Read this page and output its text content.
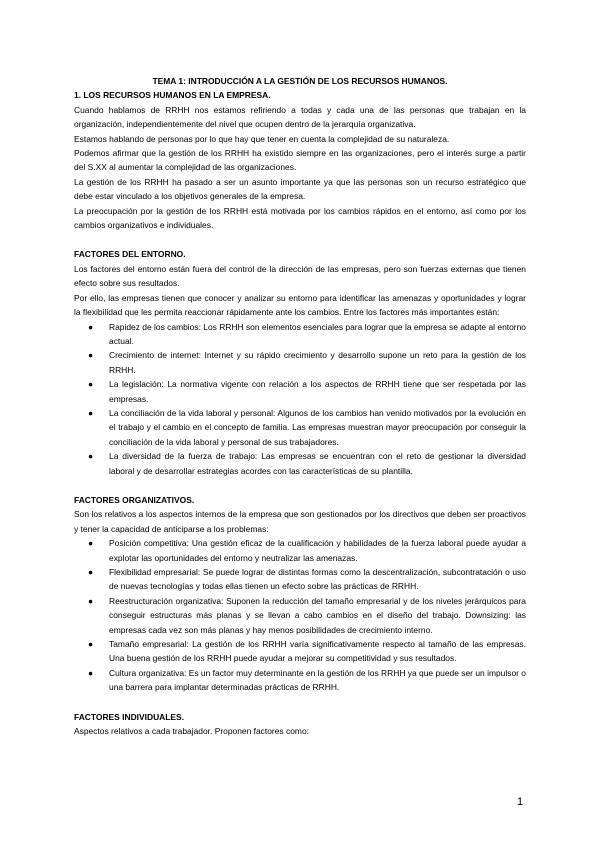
TEMA 1: INTRODUCCIÓN A LA GESTIÓN DE LOS RECURSOS HUMANOS.
1. LOS RECURSOS HUMANOS EN LA EMPRESA.
Cuando hablamos de RRHH nos estamos refiriendo a todas y cada una de las personas que trabajan en la organización, independientemente del nivel que ocupen dentro de la jerarquía organizativa.
Estamos hablando de personas por lo que hay que tener en cuenta la complejidad de su naturaleza.
Podemos afirmar que la gestión de los RRHH ha existido siempre en las organizaciones, pero el interés surge a partir del S.XX al aumentar la complejidad de las organizaciones.
La gestión de los RRHH ha pasado a ser un asunto importante ya que las personas son un recurso estratégico que debe estar vinculado a los objetivos generales de la empresa.
La preocupación por la gestión de los RRHH está motivada por los cambios rápidos en el entorno, así como por los cambios organizativos e individuales.
FACTORES DEL ENTORNO.
Los factores del entorno están fuera del control de la dirección de las empresas, pero son fuerzas externas que tienen efecto sobre sus resultados.
Por ello, las empresas tienen que conocer y analizar su entorno para identificar las amenazas y oportunidades y lograr la flexibilidad que les permita reaccionar rápidamente ante los cambios. Entre los factores más importantes están:
● Rapidez de los cambios: Los RRHH son elementos esenciales para lograr que la empresa se adapte al entorno actual.
● Crecimiento de internet: Internet y su rápido crecimiento y desarrollo supone un reto para la gestión de los RRHH.
● La legislación: La normativa vigente con relación a los aspectos de RRHH tiene que ser respetada por las empresas.
● La conciliación de la vida laboral y personal: Algunos de los cambios han venido motivados por la evolución en el trabajo y el cambio en el concepto de familia. Las empresas muestran mayor preocupación por conseguir la conciliación de la vida laboral y personal de sus trabajadores.
● La diversidad de la fuerza de trabajo: Las empresas se encuentran con el reto de gestionar la diversidad laboral y de desarrollar estrategias acordes con las características de su plantilla.
FACTORES ORGANIZATIVOS.
Son los relativos a los aspectos internos de la empresa que son gestionados por los directivos que deben ser proactivos y tener la capacidad de anticiparse a los problemas:
● Posición competitiva: Una gestión eficaz de la cualificación y habilidades de la fuerza laboral puede ayudar a explotar las oportunidades del entorno y neutralizar las amenazas.
● Flexibilidad empresarial: Se puede lograr de distintas formas como la descentralización, subcontratación o uso de nuevas tecnologías y todas ellas tienen un efecto sobre las prácticas de RRHH.
● Reestructuración organizativa: Suponen la reducción del tamaño empresarial y de los niveles jerárquicos para conseguir estructuras más planas y se llevan a cabo cambios en el diseño del trabajo. Downsizing: las empresas cada vez son más planas y hay menos posibilidades de crecimiento interno.
● Tamaño empresarial: La gestión de los RRHH varía significativamente respecto al tamaño de las empresas. Una buena gestión de los RRHH puede ayudar a mejorar su competitividad y sus resultados.
● Cultura organizativa: Es un factor muy determinante en la gestión de los RRHH ya que puede ser un impulsor o una barrera para implantar determinadas prácticas de RRHH.
FACTORES INDIVIDUALES.
Aspectos relativos a cada trabajador. Proponen factores como:
1
